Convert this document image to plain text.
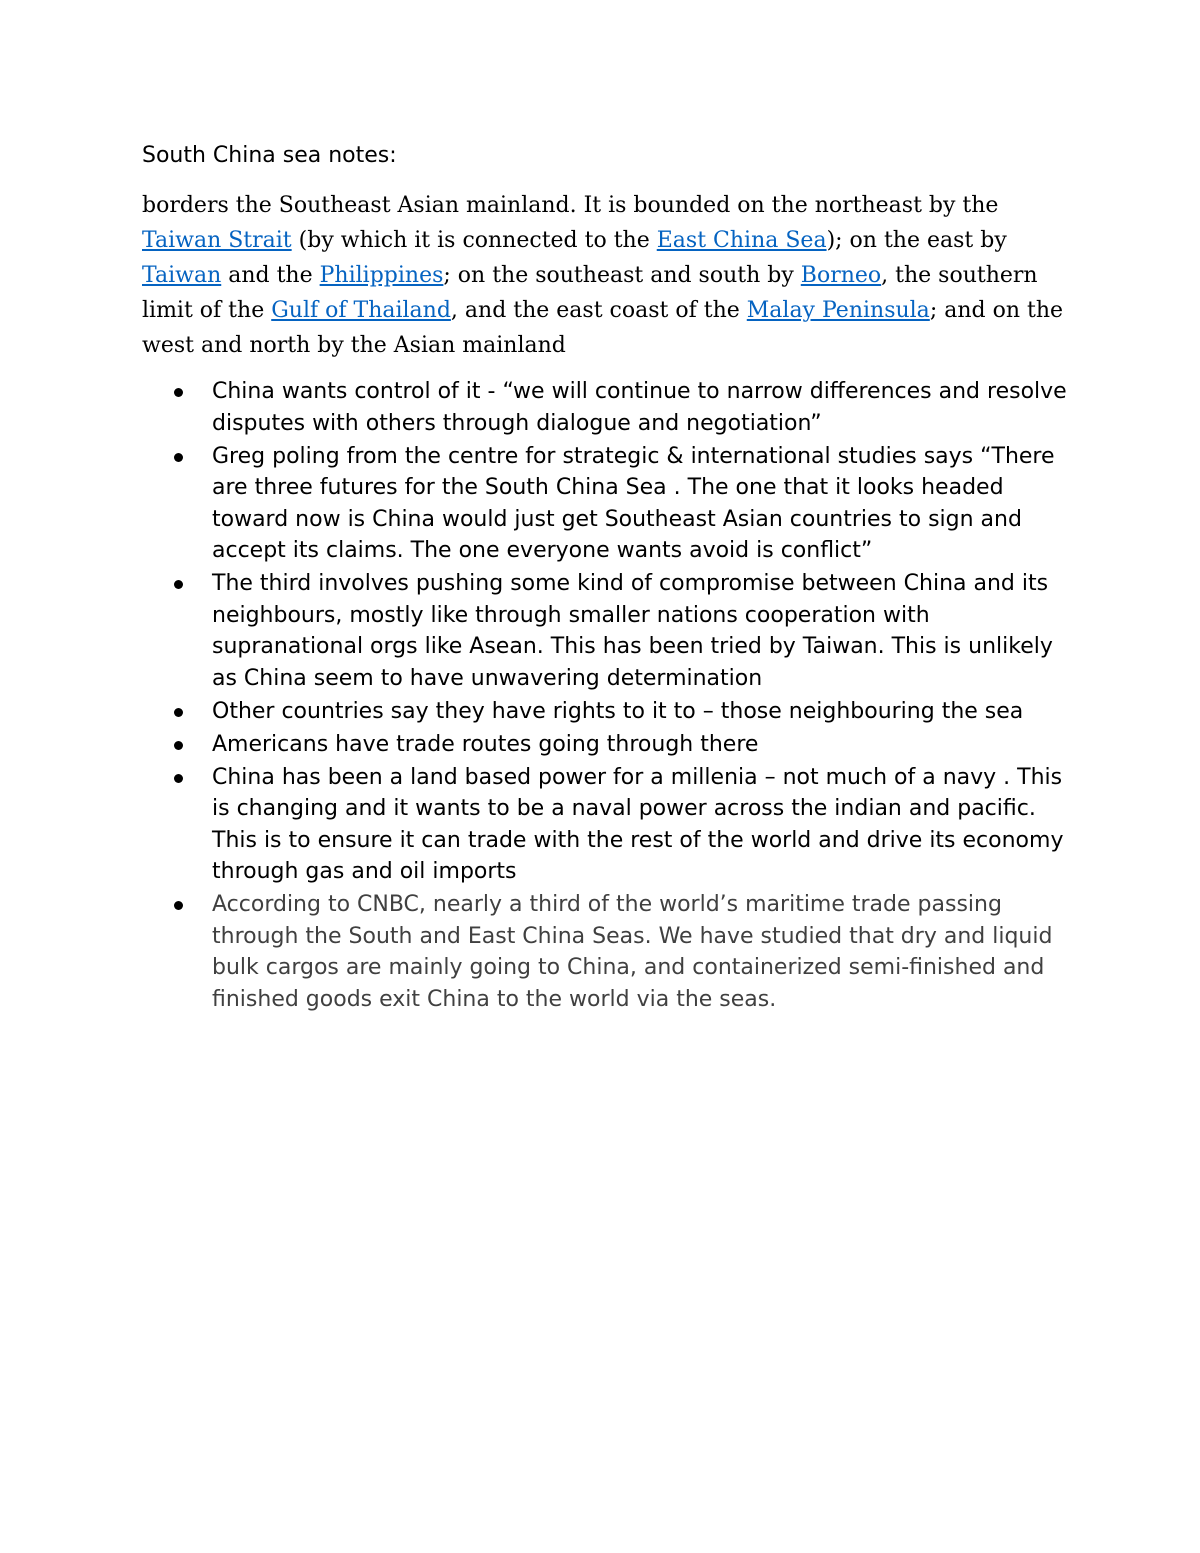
South China sea notes:

borders the Southeast Asian mainland. It is bounded on the northeast by the Taiwan Strait (by which it is connected to the East China Sea); on the east by Taiwan and the Philippines; on the southeast and south by Borneo, the southern limit of the Gulf of Thailand, and the east coast of the Malay Peninsula; and on the west and north by the Asian mainland

China wants control of it - “we will continue to narrow differences and resolve disputes with others through dialogue and negotiation”
Greg poling from the centre for strategic & international studies says “There are three futures for the South China Sea . The one that it looks headed toward now is China would just get Southeast Asian countries to sign and accept its claims. The one everyone wants avoid is conflict”
The third involves pushing some kind of compromise between China and its neighbours, mostly like through smaller nations cooperation with supranational orgs like Asean. This has been tried by Taiwan. This is unlikely as China seem to have unwavering determination
Other countries say they have rights to it to – those neighbouring the sea
Americans have trade routes going through there
China has been a land based power for a millenia – not much of a navy . This is changing and it wants to be a naval power across the indian and pacific. This is to ensure it can trade with the rest of the world and drive its economy through gas and oil imports
According to CNBC, nearly a third of the world’s maritime trade passing through the South and East China Seas. We have studied that dry and liquid bulk cargos are mainly going to China, and containerized semi-finished and finished goods exit China to the world via the seas.
